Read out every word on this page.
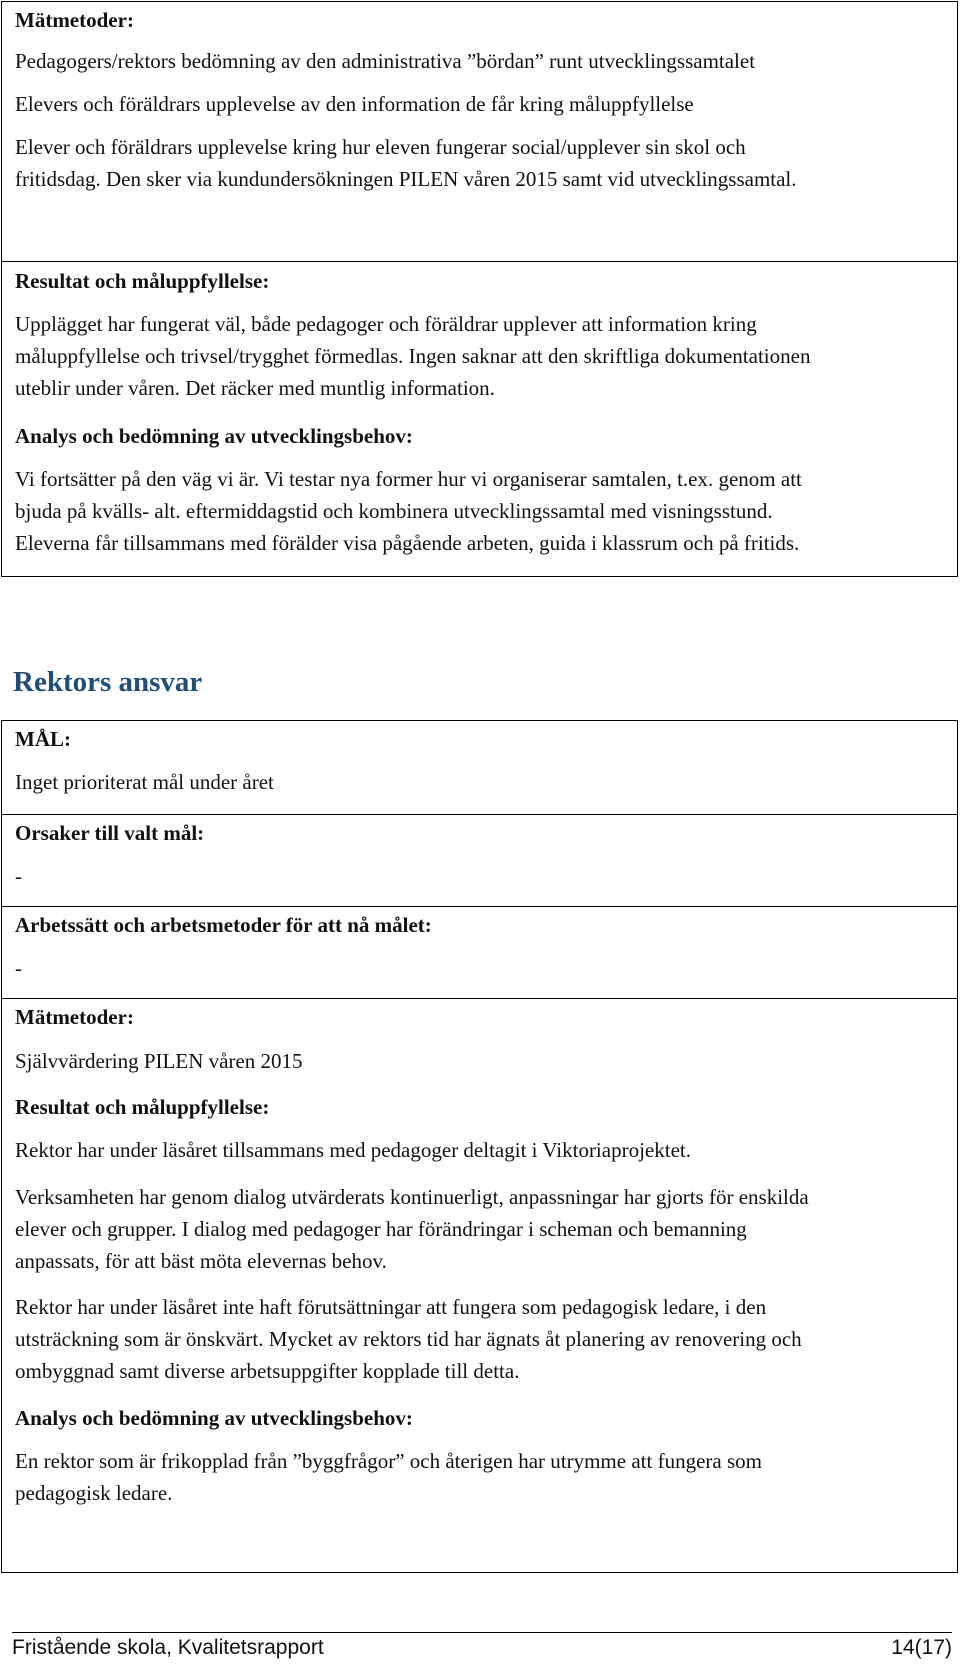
Mätmetoder:
Pedagogers/rektors bedömning av den administrativa ”bördan” runt utvecklingssamtalet
Elevers och föräldrars upplevelse av den information de får kring måluppfyllelse
Elever och föräldrars upplevelse kring hur eleven fungerar social/upplever sin skol och
fritidsdag. Den sker via kundundersökningen PILEN våren 2015 samt vid utvecklingssamtal.
Resultat och måluppfyllelse:
Upplägget har fungerat väl, både pedagoger och föräldrar upplever att information kring
måluppfyllelse och trivsel/trygghet förmedlas. Ingen saknar att den skriftliga dokumentationen
uteblir under våren. Det räcker med muntlig information.
Analys och bedömning av utvecklingsbehov:
Vi fortsätter på den väg vi är. Vi testar nya former hur vi organiserar samtalen, t.ex. genom att
bjuda på kvälls- alt. eftermiddagstid och kombinera utvecklingssamtal med visningsstund.
Eleverna får tillsammans med förälder visa pågående arbeten, guida i klassrum och på fritids.
Rektors ansvar
MÅL:
Inget prioriterat mål under året
Orsaker till valt mål:
-
Arbetssätt och arbetsmetoder för att nå målet:
-
Mätmetoder:
Självvärdering PILEN våren 2015
Resultat och måluppfyllelse:
Rektor har under läsåret tillsammans med pedagoger deltagit i Viktoriaprojektet.
Verksamheten har genom dialog utvärderats kontinuerligt, anpassningar har gjorts för enskilda
elever och grupper. I dialog med pedagoger har förändringar i scheman och bemanning
anpassats, för att bäst möta elevernas behov.
Rektor har under läsåret inte haft förutsättningar att fungera som pedagogisk ledare, i den
utsträckning som är önskvärt. Mycket av rektors tid har ägnats åt planering av renovering och
ombyggnad samt diverse arbetsuppgifter kopplade till detta.
Analys och bedömning av utvecklingsbehov:
En rektor som är frikopplad från ”byggfrågor” och återigen har utrymme att fungera som
pedagogisk ledare.
Fristående skola, Kvalitetsrapport	14(17)
